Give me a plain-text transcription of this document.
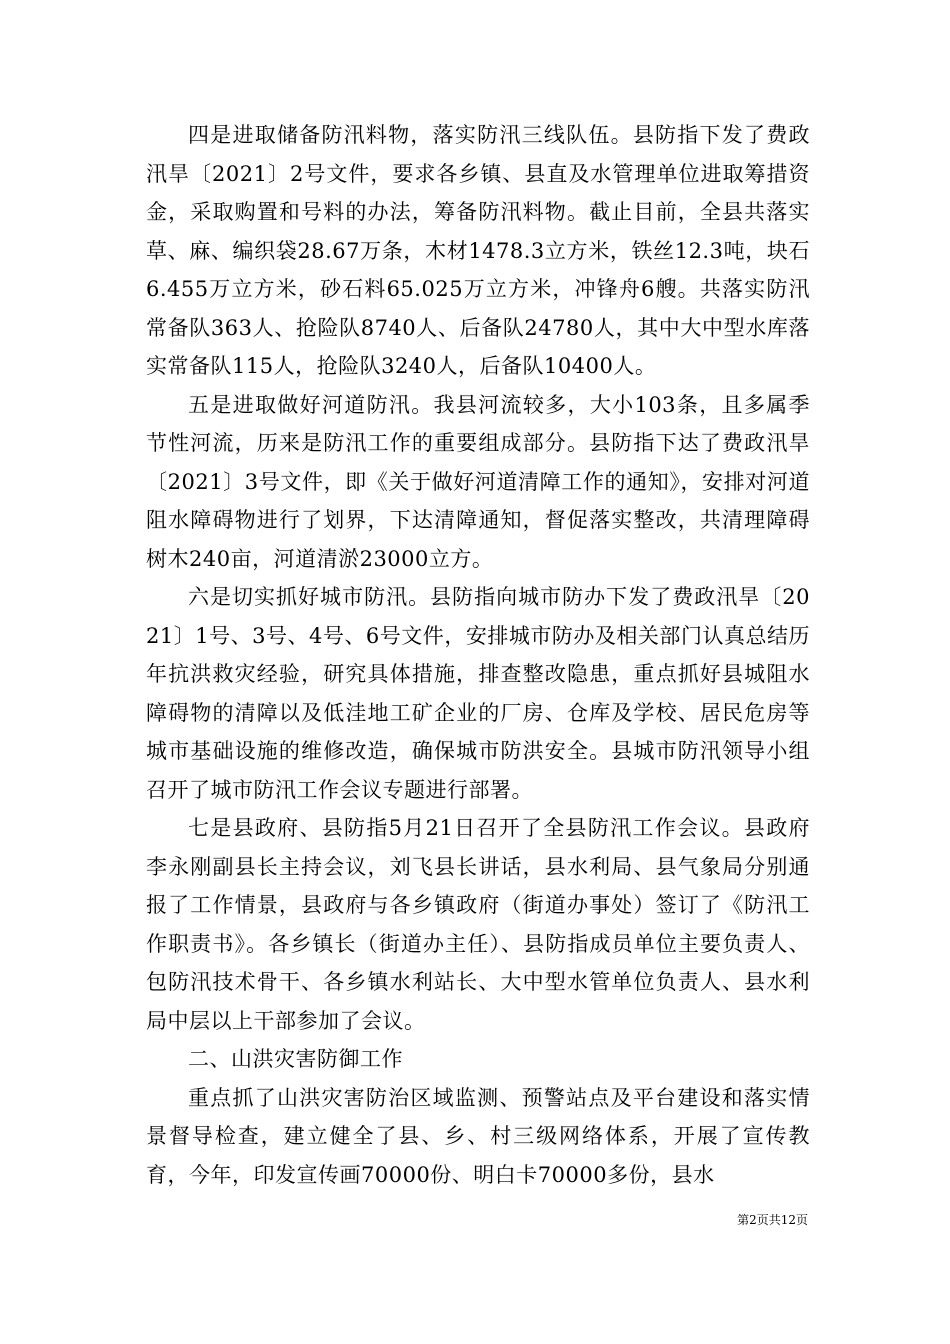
四是进取储备防汛料物，落实防汛三线队伍。县防指下发了费政汛旱〔2021〕2号文件，要求各乡镇、县直及水管理单位进取筹措资金，采取购置和号料的办法，筹备防汛料物。截止目前，全县共落实草、麻、编织袋28.67万条，木材1478.3立方米，铁丝12.3吨，块石6.455万立方米，砂石料65.025万立方米，冲锋舟6艘。共落实防汛常备队363人、抢险队8740人、后备队24780人，其中大中型水库落实常备队115人，抢险队3240人，后备队10400人。

五是进取做好河道防汛。我县河流较多，大小103条，且多属季节性河流，历来是防汛工作的重要组成部分。县防指下达了费政汛旱〔2021〕3号文件，即《关于做好河道清障工作的通知》，安排对河道阻水障碍物进行了划界，下达清障通知，督促落实整改，共清理障碍树木240亩，河道清淤23000立方。

六是切实抓好城市防汛。县防指向城市防办下发了费政汛旱〔2021〕1号、3号、4号、6号文件，安排城市防办及相关部门认真总结历年抗洪救灾经验，研究具体措施，排查整改隐患，重点抓好县城阻水障碍物的清障以及低洼地工矿企业的厂房、仓库及学校、居民危房等城市基础设施的维修改造，确保城市防洪安全。县城市防汛领导小组召开了城市防汛工作会议专题进行部署。

七是县政府、县防指5月21日召开了全县防汛工作会议。县政府李永刚副县长主持会议，刘飞县长讲话，县水利局、县气象局分别通报了工作情景，县政府与各乡镇政府（街道办事处）签订了《防汛工作职责书》。各乡镇长（街道办主任）、县防指成员单位主要负责人、包防汛技术骨干、各乡镇水利站长、大中型水管单位负责人、县水利局中层以上干部参加了会议。

二、山洪灾害防御工作

重点抓了山洪灾害防治区域监测、预警站点及平台建设和落实情景督导检查，建立健全了县、乡、村三级网络体系，开展了宣传教育，今年，印发宣传画70000份、明白卡70000多份，县水

第2页共12页
